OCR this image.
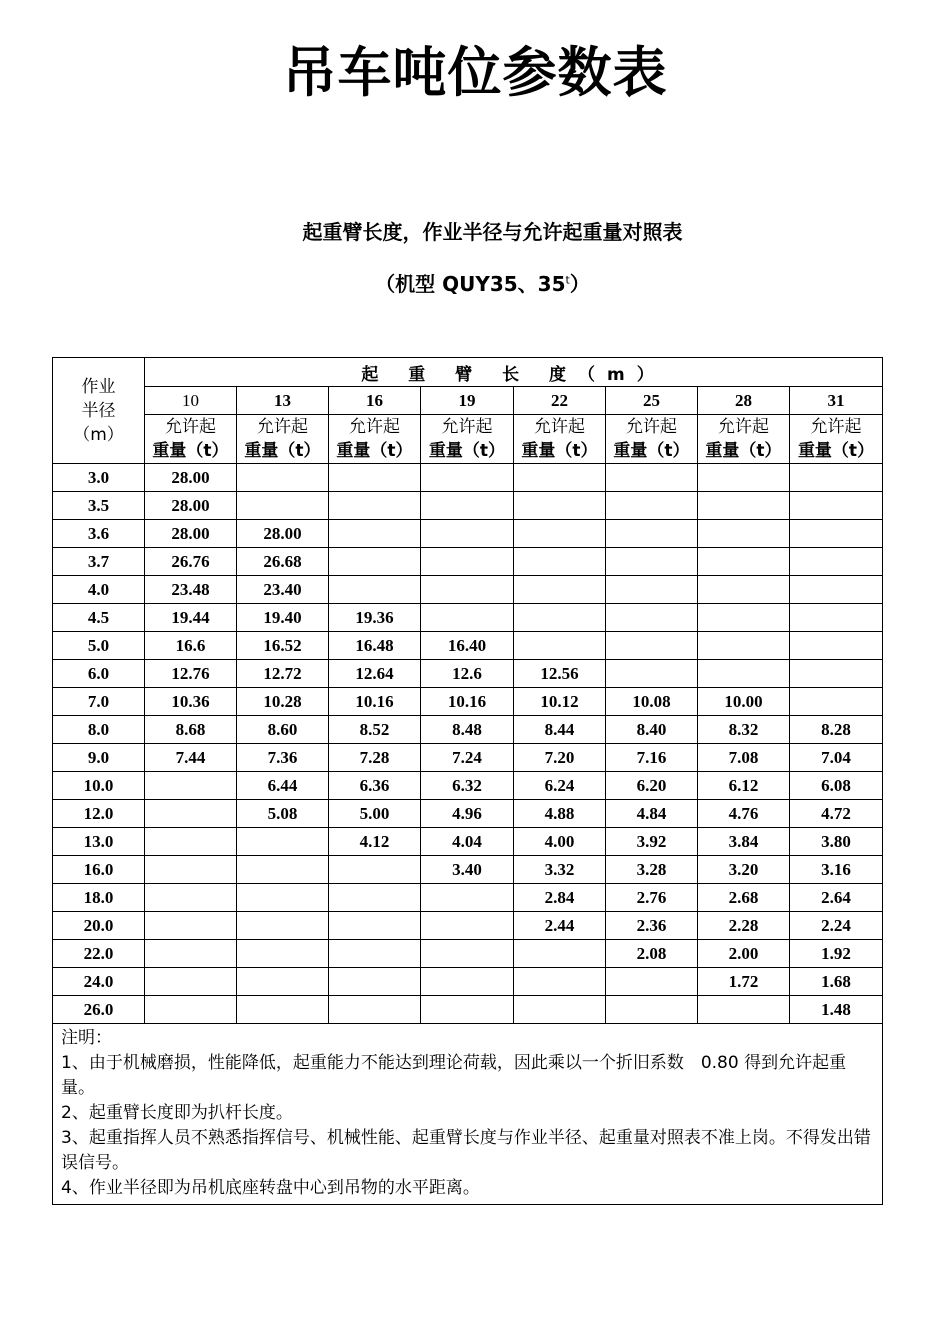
吊车吨位参数表
起重臂长度，作业半径与允许起重量对照表
（机型 QUY35、35$^t$）
作业
半径
（m）	起 重 臂 长 度（m）							
	10	13	16	19	22	25	28	31

	允许起
重量（t）	允许起
重量（t）	允许起
重量（t）	允许起
重量（t）	允许起
重量（t）	允许起
重量（t）	允许起
重量（t）	允许起
重量（t）

3.0	28.00							
3.5	28.00							
3.6	28.00	28.00						
3.7	26.76	26.68						
4.0	23.48	23.40						
4.5	19.44	19.40	19.36					
5.0	16.6	16.52	16.48	16.40				
6.0	12.76	12.72	12.64	12.6	12.56			
7.0	10.36	10.28	10.16	10.16	10.12	10.08	10.00	
8.0	8.68	8.60	8.52	8.48	8.44	8.40	8.32	8.28
9.0	7.44	7.36	7.28	7.24	7.20	7.16	7.08	7.04
10.0		6.44	6.36	6.32	6.24	6.20	6.12	6.08
12.0		5.08	5.00	4.96	4.88	4.84	4.76	4.72
13.0			4.12	4.04	4.00	3.92	3.84	3.80
16.0				3.40	3.32	3.28	3.20	3.16
18.0					2.84	2.76	2.68	2.64
20.0					2.44	2.36	2.28	2.24
22.0						2.08	2.00	1.92
24.0							1.72	1.68
26.0								1.48

注明：
1、由于机械磨损，性能降低，起重能力不能达到理论荷载，因此乘以一个折旧系数　0.80 得到允许起重量。
2、起重臂长度即为扒杆长度。
3、起重指挥人员不熟悉指挥信号、机械性能、起重臂长度与作业半径、起重量对照表不准上岗。不得发出错误信号。
4、作业半径即为吊机底座转盘中心到吊物的水平距离。								
